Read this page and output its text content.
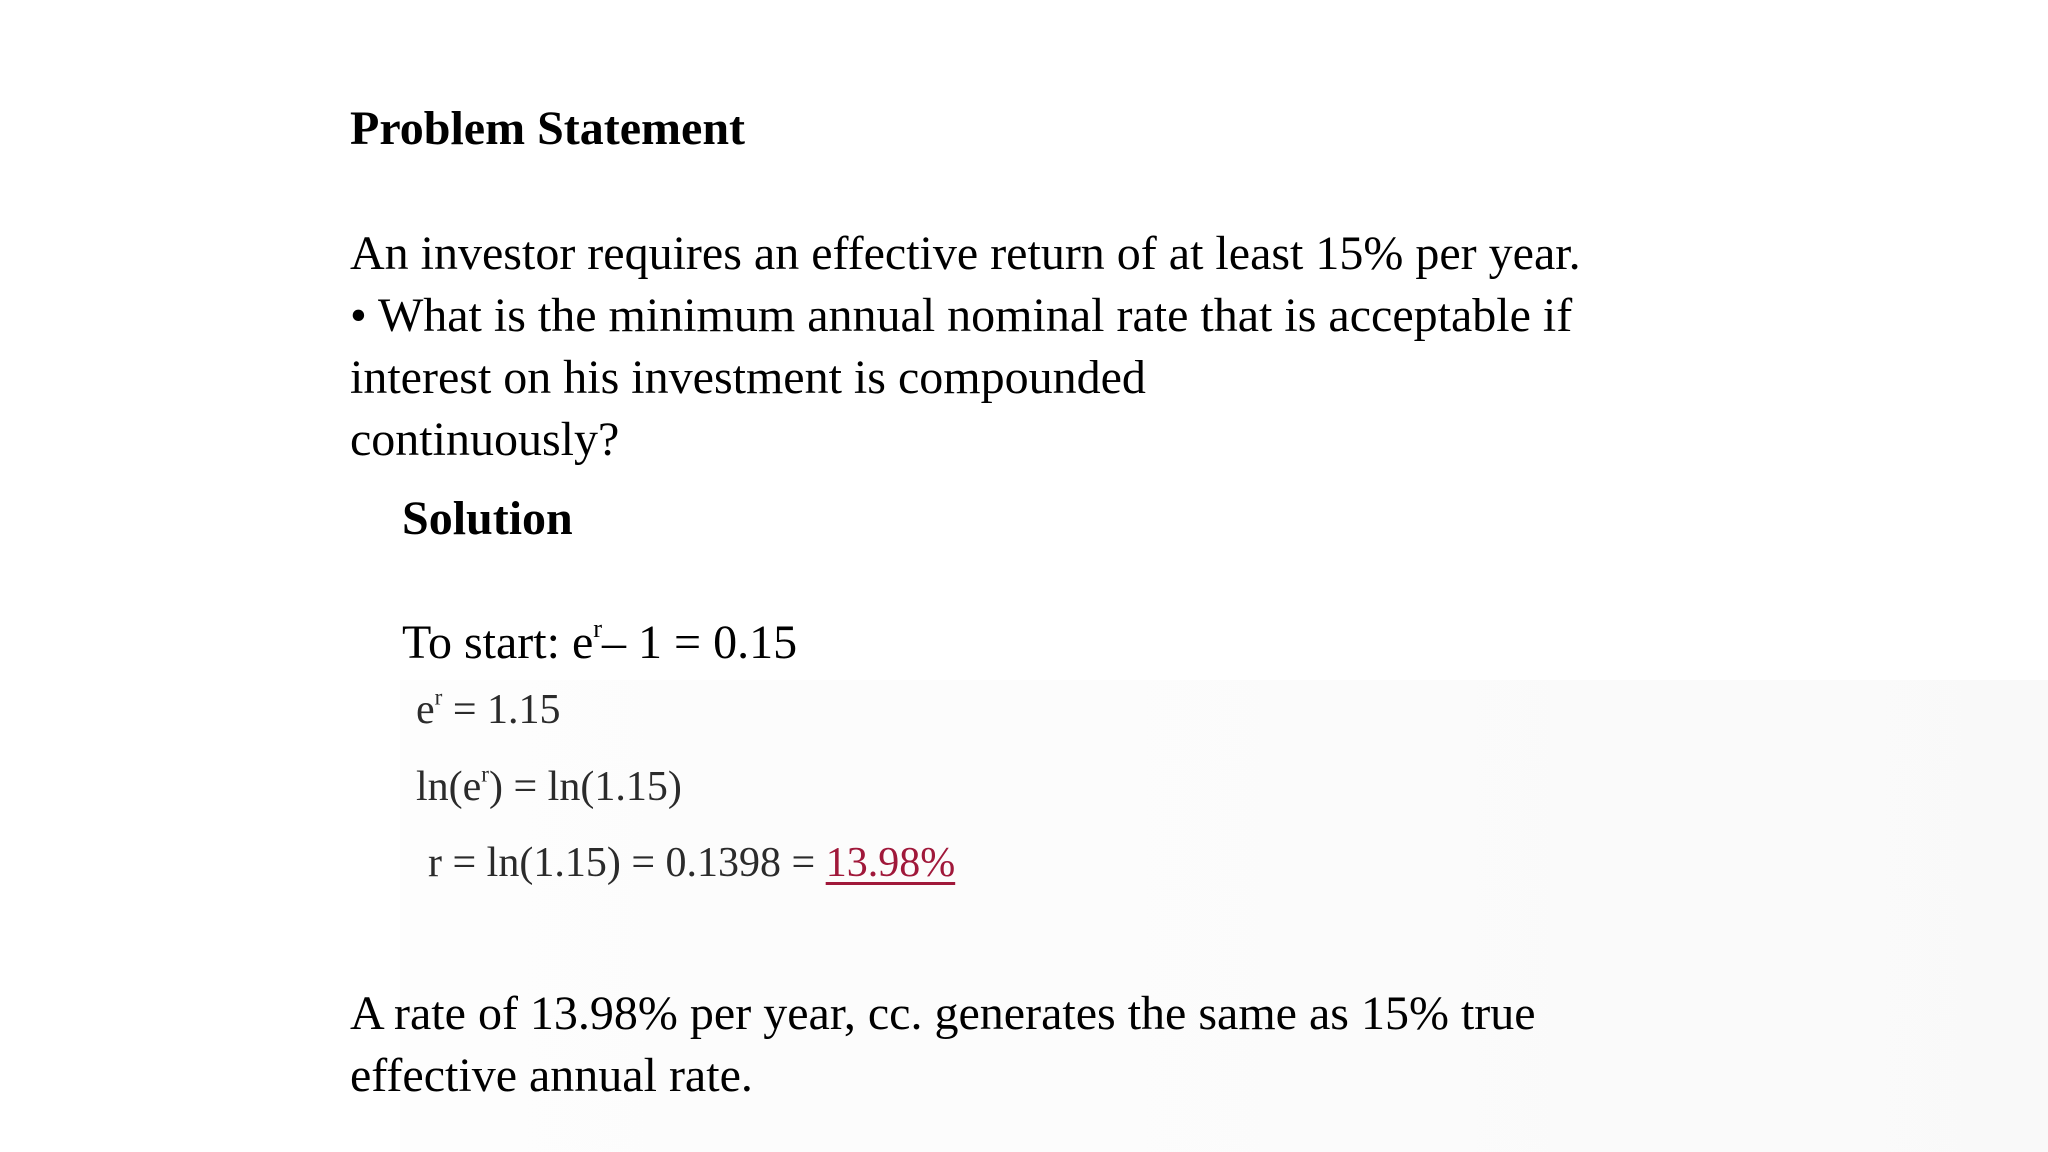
Problem Statement
An investor requires an effective return of at least 15% per year.
• What is the minimum annual nominal rate that is acceptable if
interest on his investment is compounded
continuously?
Solution
To start: $e^r-$ 1 = 0.15
$e^r = 1.15$
$\ln(e^r) = \ln(1.15)$
r = ln(1.15) = 0.1398 = 13.98%
A rate of 13.98% per year, cc. generates the same as 15% true
effective annual rate.
